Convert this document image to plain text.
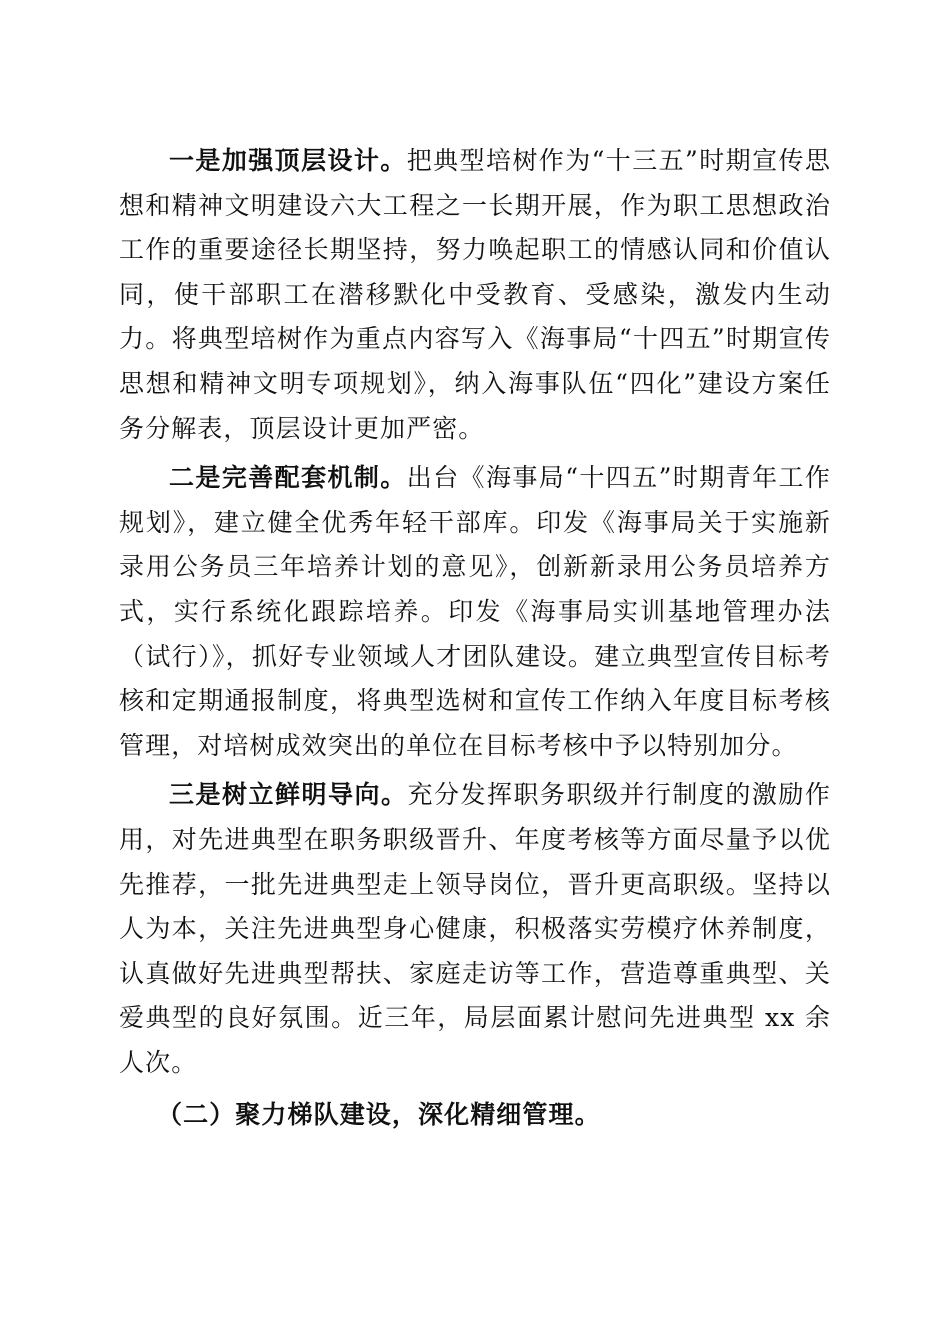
一是加强顶层设计。把典型培树作为“十三五”时期宣传思想和精神文明建设六大工程之一长期开展，作为职工思想政治工作的重要途径长期坚持，努力唤起职工的情感认同和价值认同，使干部职工在潜移默化中受教育、受感染，激发内生动力。将典型培树作为重点内容写入《海事局“十四五”时期宣传思想和精神文明专项规划》，纳入海事队伍“四化”建设方案任务分解表，顶层设计更加严密。

二是完善配套机制。出台《海事局“十四五”时期青年工作规划》，建立健全优秀年轻干部库。印发《海事局关于实施新录用公务员三年培养计划的意见》，创新新录用公务员培养方式，实行系统化跟踪培养。印发《海事局实训基地管理办法（试行）》，抓好专业领域人才团队建设。建立典型宣传目标考核和定期通报制度，将典型选树和宣传工作纳入年度目标考核管理，对培树成效突出的单位在目标考核中予以特别加分。

三是树立鲜明导向。充分发挥职务职级并行制度的激励作用，对先进典型在职务职级晋升、年度考核等方面尽量予以优先推荐，一批先进典型走上领导岗位，晋升更高职级。坚持以人为本，关注先进典型身心健康，积极落实劳模疗休养制度，认真做好先进典型帮扶、家庭走访等工作，营造尊重典型、关爱典型的良好氛围。近三年，局层面累计慰问先进典型 xx 余人次。

（二）聚力梯队建设，深化精细管理。
